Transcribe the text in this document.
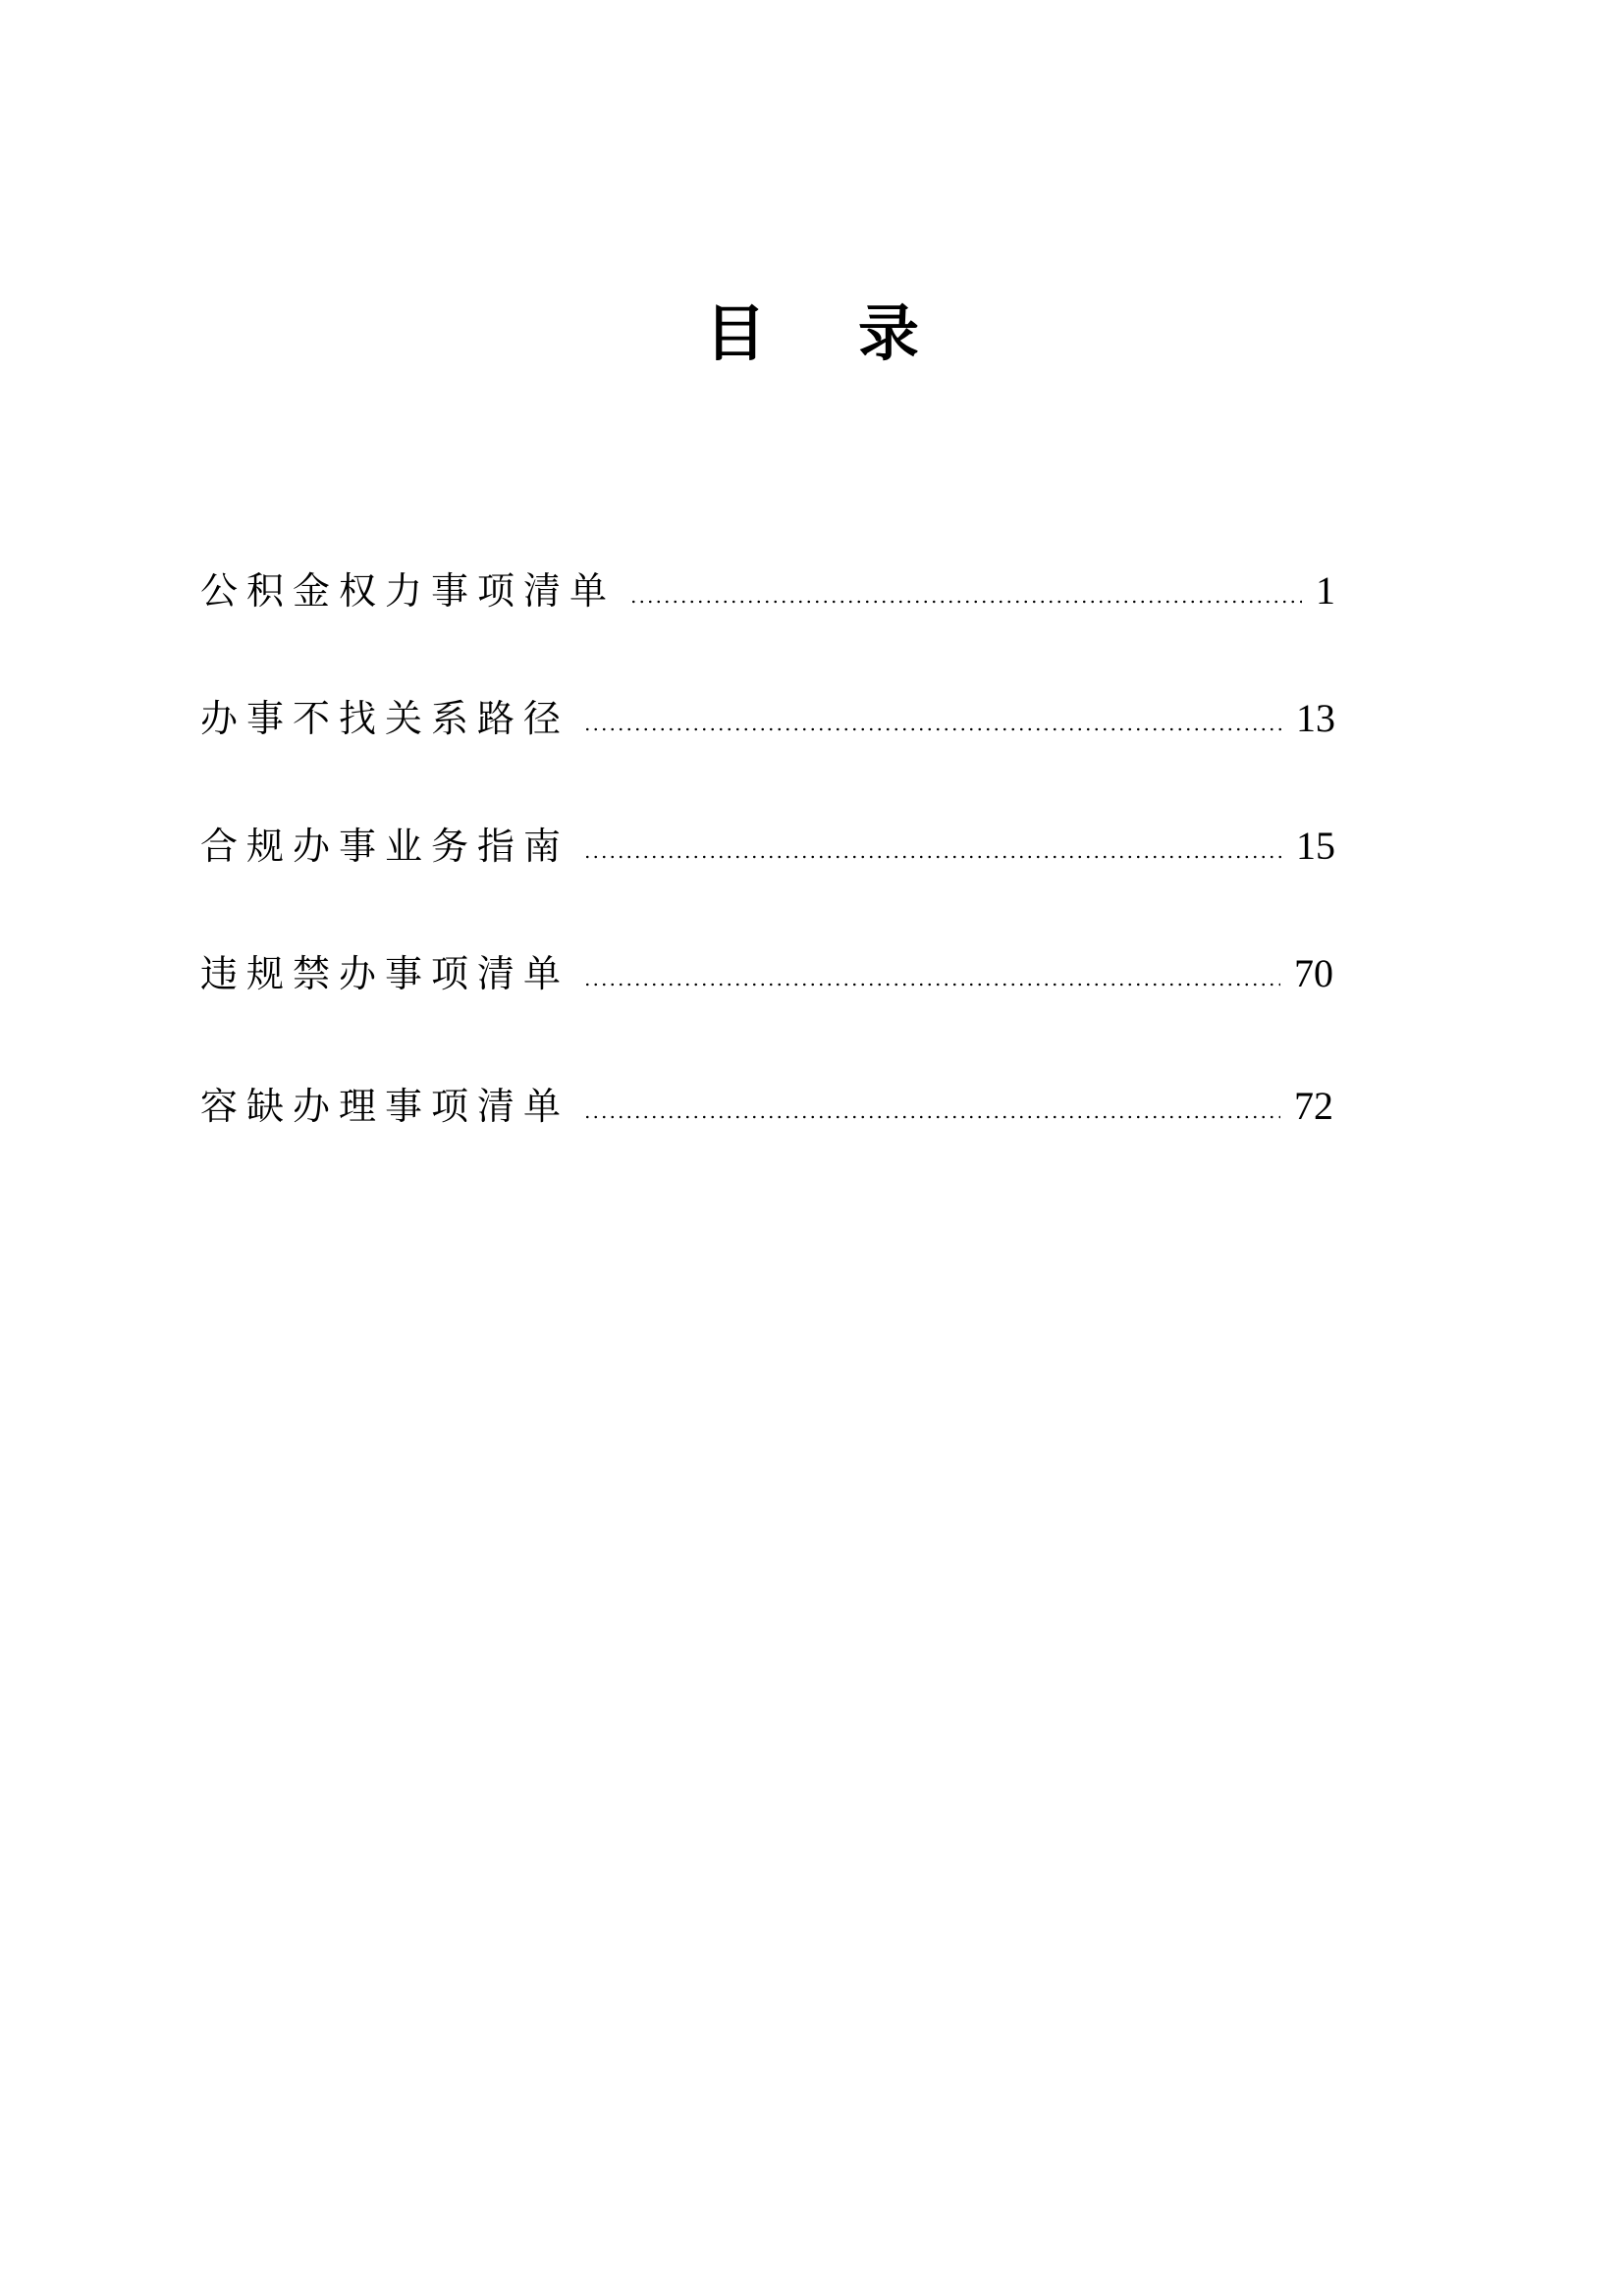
目 录
公积金权力事项清单	1
办事不找关系路径	13
合规办事业务指南	15
违规禁办事项清单	70
容缺办理事项清单	72
